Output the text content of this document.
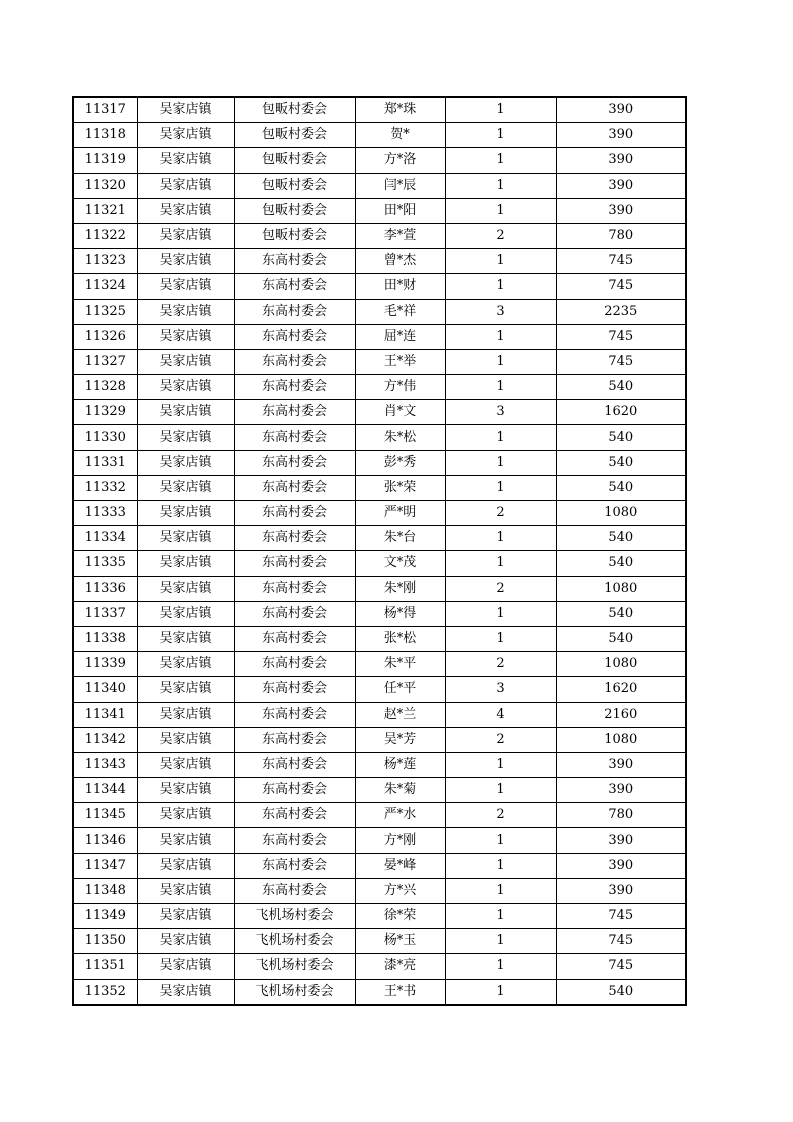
11317	吴家店镇	包畈村委会	郑*珠	1	390
11318	吴家店镇	包畈村委会	贺*	1	390
11319	吴家店镇	包畈村委会	方*洛	1	390
11320	吴家店镇	包畈村委会	闫*辰	1	390
11321	吴家店镇	包畈村委会	田*阳	1	390
11322	吴家店镇	包畈村委会	李*萱	2	780
11323	吴家店镇	东高村委会	曾*杰	1	745
11324	吴家店镇	东高村委会	田*财	1	745
11325	吴家店镇	东高村委会	毛*祥	3	2235
11326	吴家店镇	东高村委会	屈*连	1	745
11327	吴家店镇	东高村委会	王*举	1	745
11328	吴家店镇	东高村委会	方*伟	1	540
11329	吴家店镇	东高村委会	肖*文	3	1620
11330	吴家店镇	东高村委会	朱*松	1	540
11331	吴家店镇	东高村委会	彭*秀	1	540
11332	吴家店镇	东高村委会	张*荣	1	540
11333	吴家店镇	东高村委会	严*明	2	1080
11334	吴家店镇	东高村委会	朱*台	1	540
11335	吴家店镇	东高村委会	文*茂	1	540
11336	吴家店镇	东高村委会	朱*刚	2	1080
11337	吴家店镇	东高村委会	杨*得	1	540
11338	吴家店镇	东高村委会	张*松	1	540
11339	吴家店镇	东高村委会	朱*平	2	1080
11340	吴家店镇	东高村委会	任*平	3	1620
11341	吴家店镇	东高村委会	赵*兰	4	2160
11342	吴家店镇	东高村委会	吴*芳	2	1080
11343	吴家店镇	东高村委会	杨*莲	1	390
11344	吴家店镇	东高村委会	朱*菊	1	390
11345	吴家店镇	东高村委会	严*水	2	780
11346	吴家店镇	东高村委会	方*刚	1	390
11347	吴家店镇	东高村委会	晏*峰	1	390
11348	吴家店镇	东高村委会	方*兴	1	390
11349	吴家店镇	飞机场村委会	徐*荣	1	745
11350	吴家店镇	飞机场村委会	杨*玉	1	745
11351	吴家店镇	飞机场村委会	漆*亮	1	745
11352	吴家店镇	飞机场村委会	王*书	1	540
